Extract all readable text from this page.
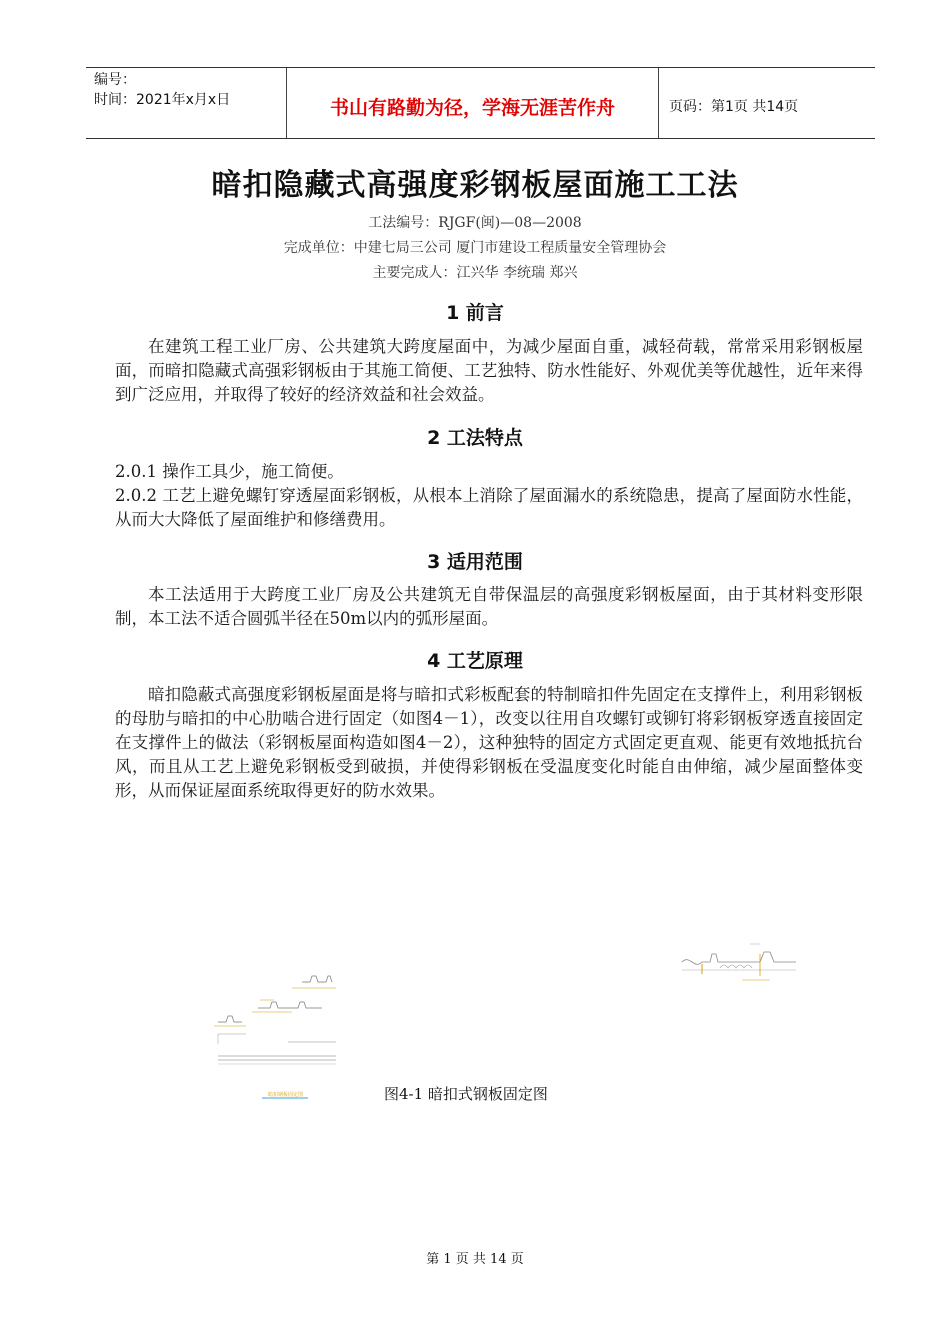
编号：
时间：2021年x月x日	书山有路勤为径，学海无涯苦作舟	页码：第1页 共14页
暗扣隐藏式高强度彩钢板屋面施工工法
工法编号：RJGF(闽)—08—2008
完成单位：中建七局三公司 厦门市建设工程质量安全管理协会
主要完成人：江兴华 李统瑞 郑兴
1 前言
在建筑工程工业厂房、公共建筑大跨度屋面中，为减少屋面自重，减轻荷载，常常采用彩钢板屋面，而暗扣隐藏式高强彩钢板由于其施工简便、工艺独特、防水性能好、外观优美等优越性，近年来得到广泛应用，并取得了较好的经济效益和社会效益。
2 工法特点
2.0.1 操作工具少，施工简便。
2.0.2 工艺上避免螺钉穿透屋面彩钢板，从根本上消除了屋面漏水的系统隐患，提高了屋面防水性能，从而大大降低了屋面维护和修缮费用。
3 适用范围
本工法适用于大跨度工业厂房及公共建筑无自带保温层的高强度彩钢板屋面，由于其材料变形限制，本工法不适合圆弧半径在50m以内的弧形屋面。
4 工艺原理
暗扣隐蔽式高强度彩钢板屋面是将与暗扣式彩板配套的特制暗扣件先固定在支撑件上，利用彩钢板的母肋与暗扣的中心肋啮合进行固定（如图4－1），改变以往用自攻螺钉或铆钉将彩钢板穿透直接固定在支撑件上的做法（彩钢板屋面构造如图4－2），这种独特的固定方式固定更直观、能更有效地抵抗台风，而且从工艺上避免彩钢板受到破损，并使得彩钢板在受温度变化时能自由伸缩，减少屋面整体变形，从而保证屋面系统取得更好的防水效果。
暗扣钢板固定图	图4-1 暗扣式钢板固定图
第 1 页 共 14 页
